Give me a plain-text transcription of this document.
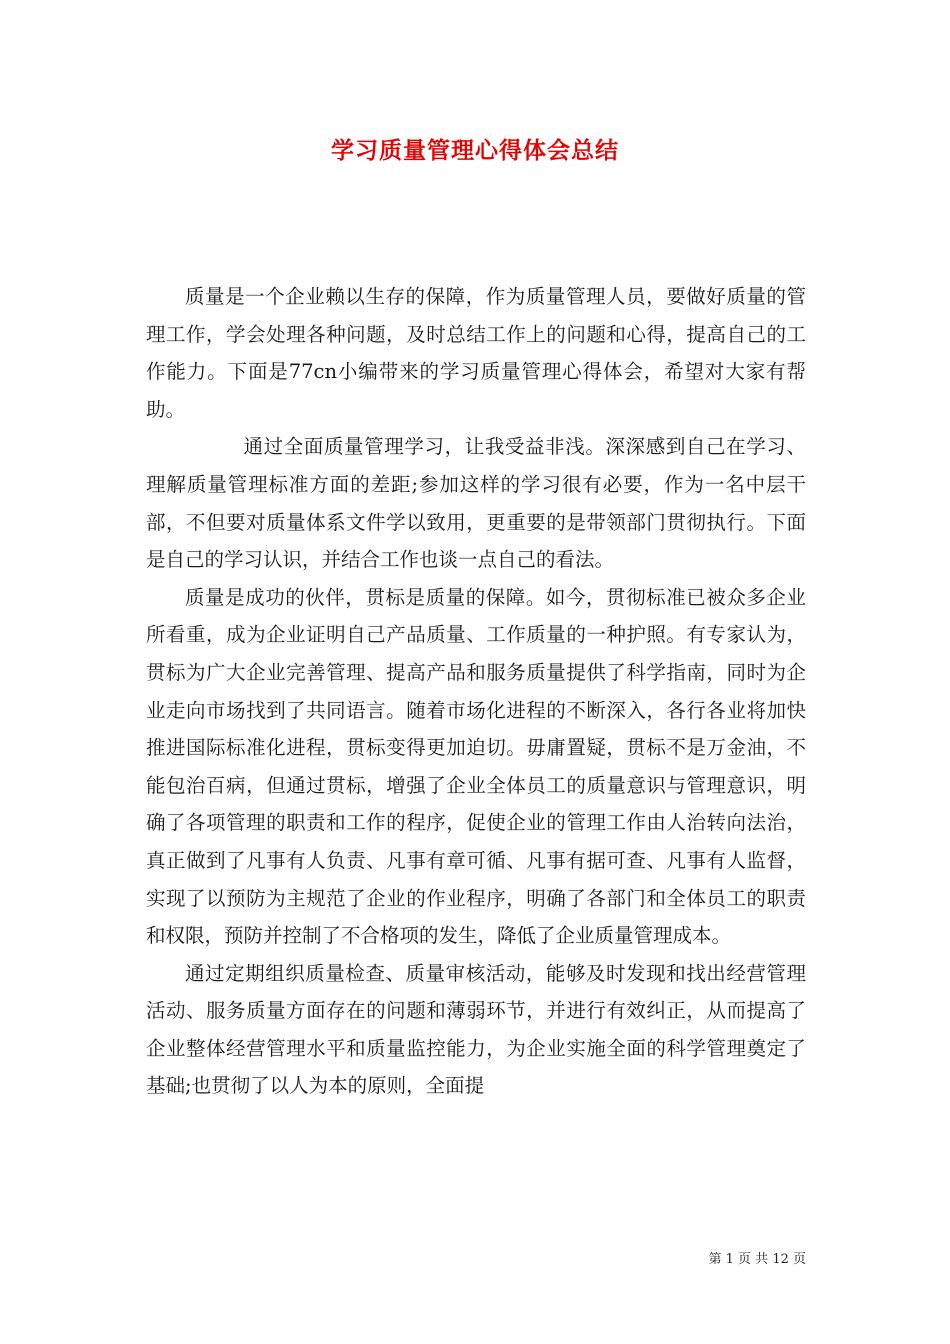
学习质量管理心得体会总结

质量是一个企业赖以生存的保障，作为质量管理人员，要做好质量的管理工作，学会处理各种问题，及时总结工作上的问题和心得，提高自己的工作能力。下面是77cn小编带来的学习质量管理心得体会，希望对大家有帮助。

通过全面质量管理学习，让我受益非浅。深深感到自己在学习、理解质量管理标准方面的差距;参加这样的学习很有必要，作为一名中层干部，不但要对质量体系文件学以致用，更重要的是带领部门贯彻执行。下面是自己的学习认识，并结合工作也谈一点自己的看法。

质量是成功的伙伴，贯标是质量的保障。如今，贯彻标准已被众多企业所看重，成为企业证明自己产品质量、工作质量的一种护照。有专家认为，贯标为广大企业完善管理、提高产品和服务质量提供了科学指南，同时为企业走向市场找到了共同语言。随着市场化进程的不断深入，各行各业将加快推进国际标准化进程，贯标变得更加迫切。毋庸置疑，贯标不是万金油，不能包治百病，但通过贯标，增强了企业全体员工的质量意识与管理意识，明确了各项管理的职责和工作的程序，促使企业的管理工作由人治转向法治，真正做到了凡事有人负责、凡事有章可循、凡事有据可查、凡事有人监督，实现了以预防为主规范了企业的作业程序，明确了各部门和全体员工的职责和权限，预防并控制了不合格项的发生，降低了企业质量管理成本。

通过定期组织质量检查、质量审核活动，能够及时发现和找出经营管理活动、服务质量方面存在的问题和薄弱环节，并进行有效纠正，从而提高了企业整体经营管理水平和质量监控能力，为企业实施全面的科学管理奠定了基础;也贯彻了以人为本的原则，全面提

第 1 页 共 12 页
